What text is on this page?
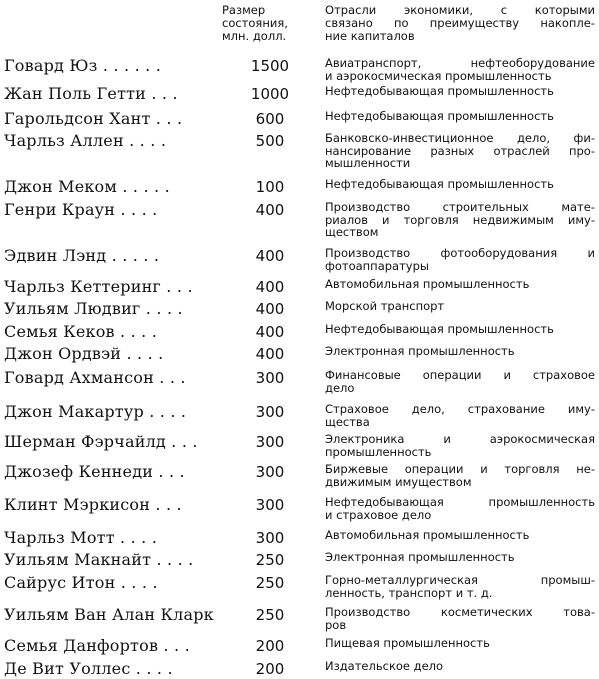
Размер
состояния,
млн. долл.
Отрасли экономики, с которыми
связано по преимуществу накопле-
ние капиталов
Говард Юз . . . . . .	1500	Авиатранспорт, нефтеоборудование
и аэрокосмическая промышленность
Жан Поль Гетти . . .	1000	Нефтедобывающая промышленность
Гарольдсон Хант . . .	600	Нефтедобывающая промышленность
Чарльз Аллен . . . .	500	Банковско-инвестиционное дело, фи-
нансирование разных отраслей про-
мышленности
Джон Меком . . . . .	100	Нефтедобывающая промышленность
Генри Краун . . . .	400	Производство строительных мате-
риалов и торговля недвижимым иму-
ществом
Эдвин Лэнд . . . . .	400	Производство фотооборудования и
фотоаппаратуры
Чарльз Кеттеринг . . .	400	Автомобильная промышленность
Уильям Людвиг . . . .	400	Морской транспорт
Семья Кеков . . . .	400	Нефтедобывающая промышленность
Джон Ордвэй . . . .	400	Электронная промышленность
Говард Ахмансон . . .	300	Финансовые операции и страховое
дело
Джон Макартур . . . .	300	Страховое дело, страхование иму-
щества
Шерман Фэрчайлд . . .	300	Электроника и аэрокосмическая
промышленность
Джозеф Кеннеди . . .	300	Биржевые операции и торговля не-
движимым имуществом
Клинт Мэркисон . . .	300	Нефтедобывающая промышленность
и страховое дело
Чарльз Мотт . . . .	300	Автомобильная промышленность
Уильям Макнайт . . . .	250	Электронная промышленность
Сайрус Итон . . . .	250	Горно-металлургическая промыш-
ленность, транспорт и т. д.
Уильям Ван Алан Кларк	250	Производство косметических това-
ров
Семья Данфортов . . .	200	Пищевая промышленность
Де Вит Уоллес . . . .	200	Издательское дело
